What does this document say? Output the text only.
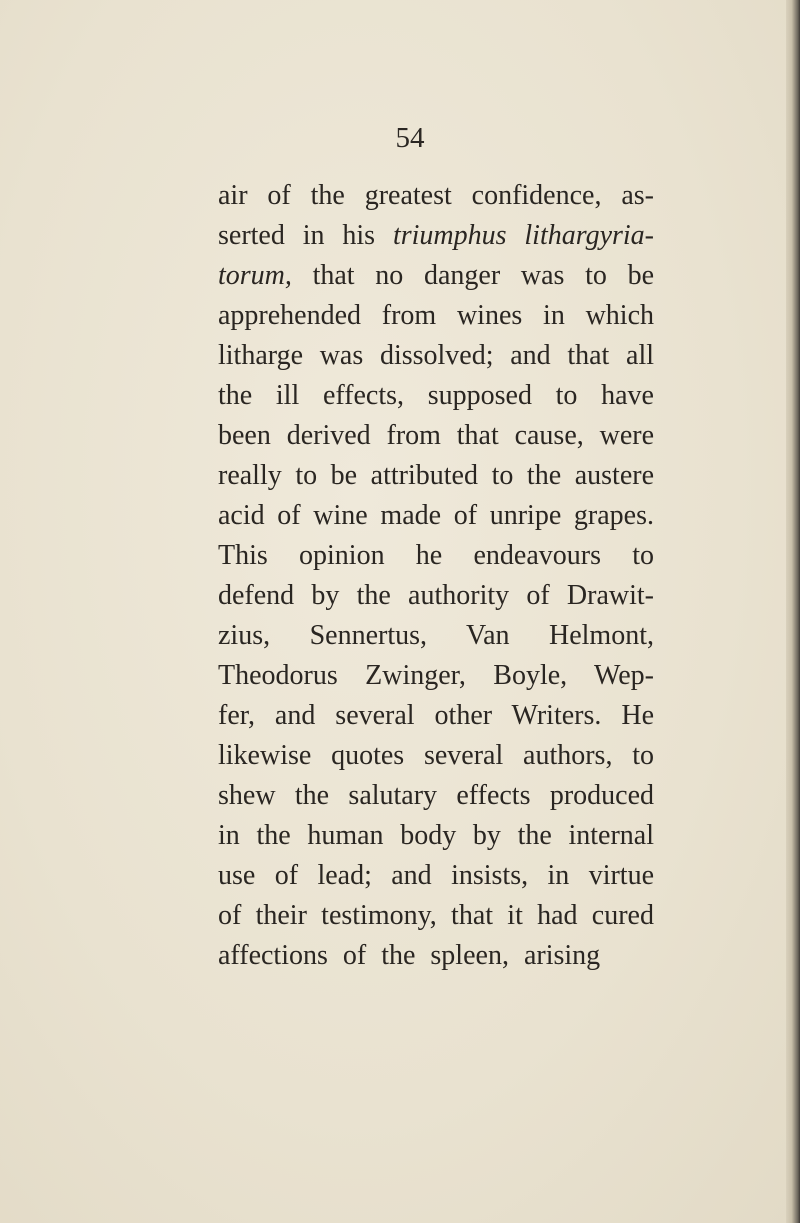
54
air of the greatest confidence, as-
serted in his triumphus lithargyria-
torum, that no danger was to be
apprehended from wines in which
litharge was dissolved; and that all
the ill effects, supposed to have
been derived from that cause, were
really to be attributed to the austere
acid of wine made of unripe grapes.
This opinion he endeavours to
defend by the authority of Drawit-
zius, Sennertus, Van Helmont,
Theodorus Zwinger, Boyle, Wep-
fer, and several other Writers. He
likewise quotes several authors, to
shew the salutary effects produced
in the human body by the internal
use of lead; and insists, in virtue
of their testimony, that it had cured
affections of the spleen, arising
